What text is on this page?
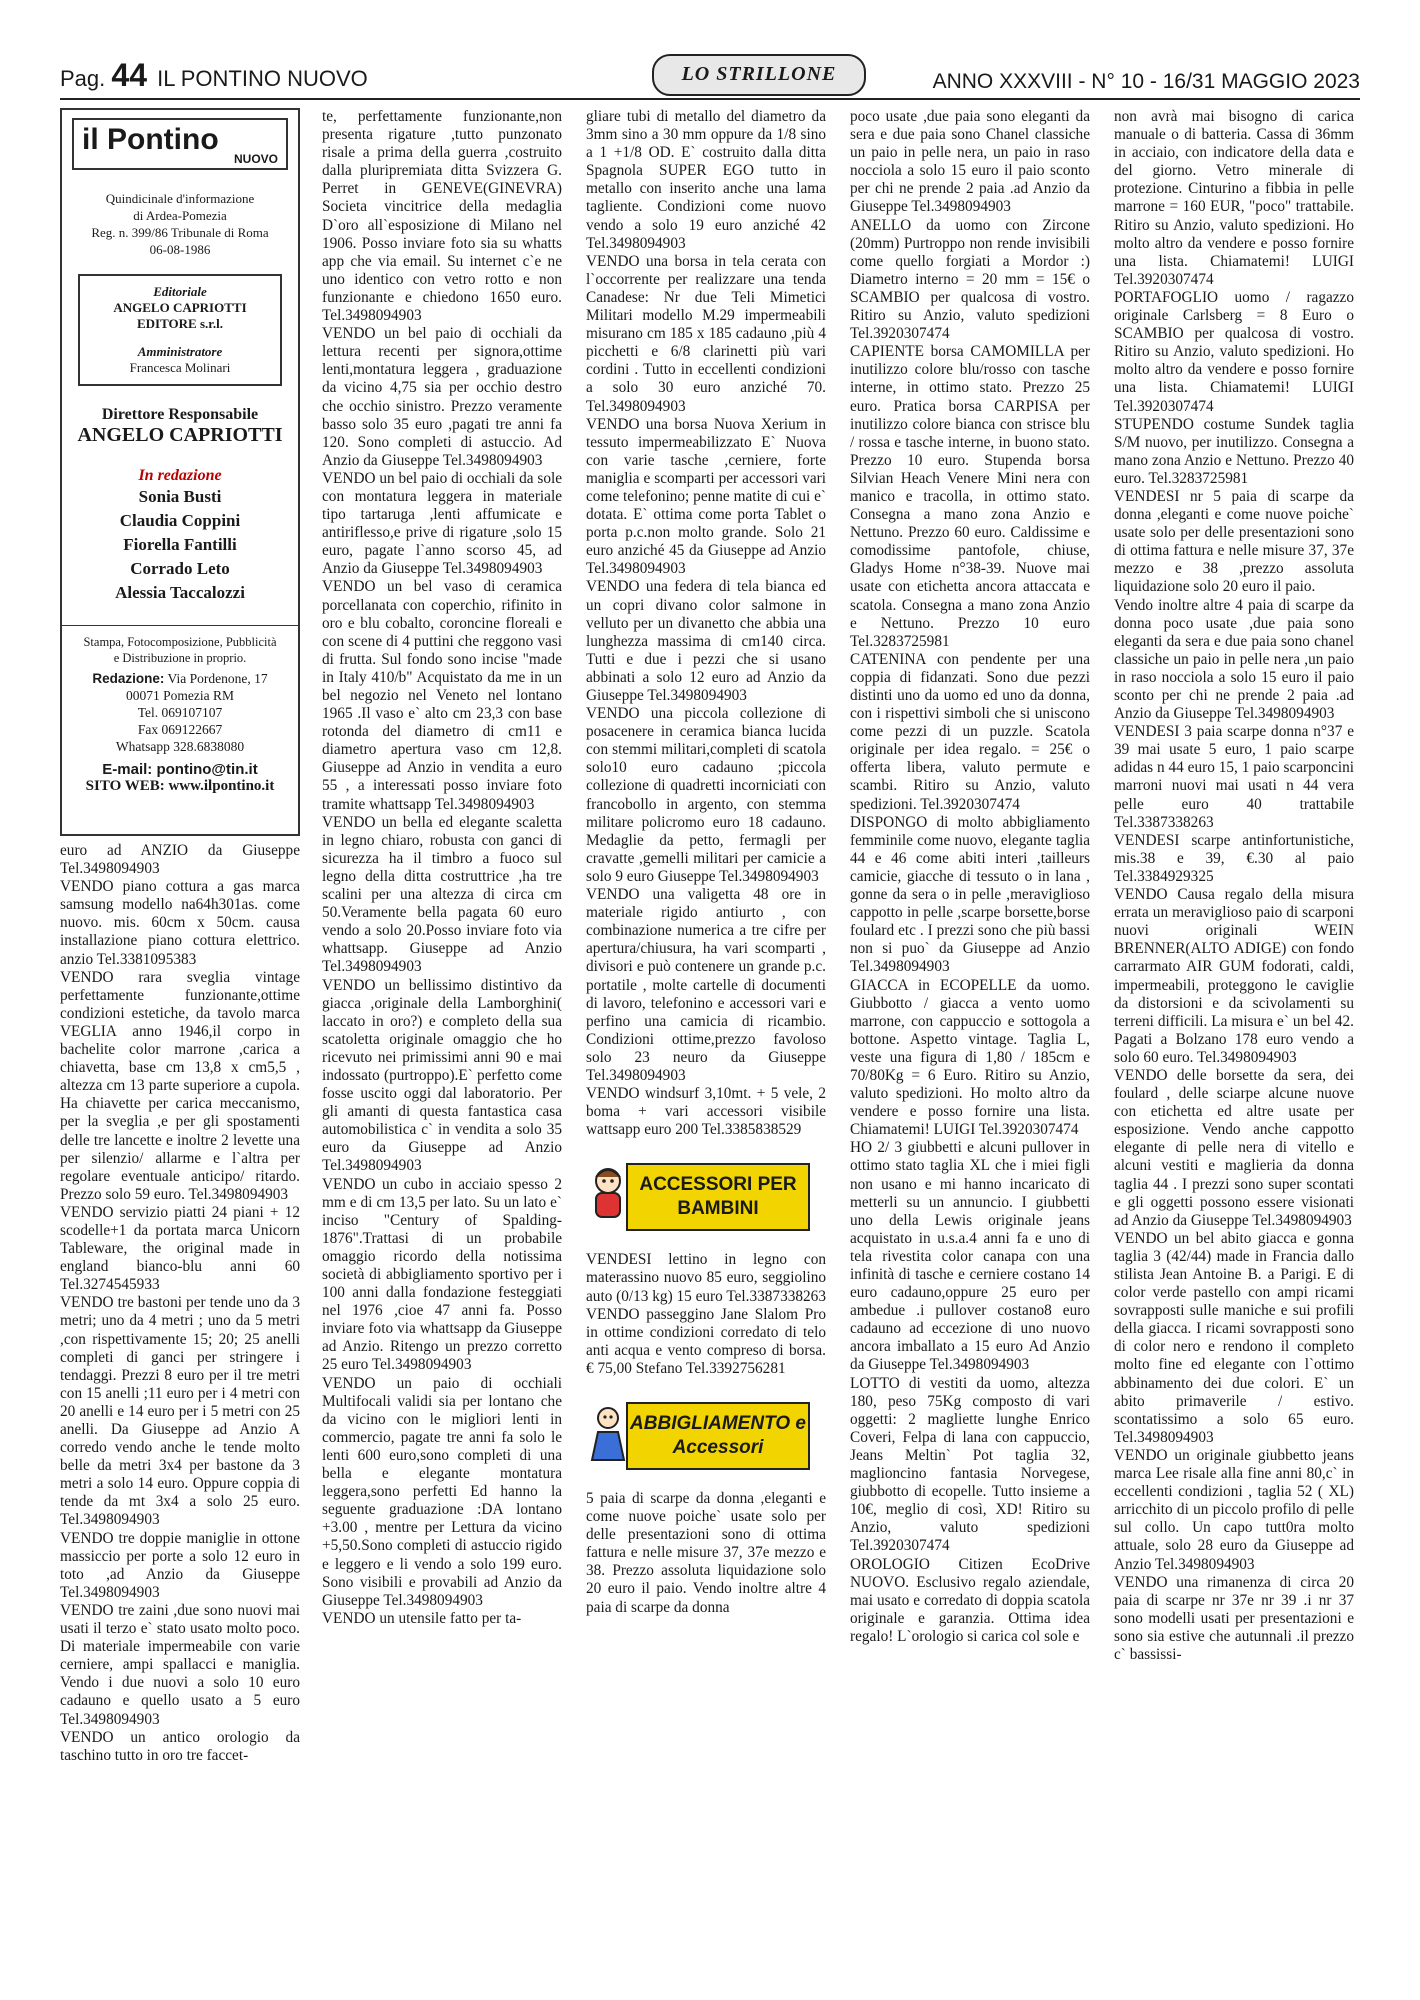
Pag. 44 IL PONTINO NUOVO	LO STRILLONE	ANNO XXXVIII - N° 10 - 16/31 MAGGIO 2023
il Pontino
NUOVO
Quindicinale d'informazione
di Ardea-Pomezia
Reg. n. 399/86 Tribunale di Roma
06-08-1986
Editoriale
ANGELO CAPRIOTTI EDITORE s.r.l.
Amministratore
Francesca Molinari
Direttore Responsabile
ANGELO CAPRIOTTI
In redazione
Sonia Busti
Claudia Coppini
Fiorella Fantilli
Corrado Leto
Alessia Taccalozzi
Stampa, Fotocomposizione, Pubblicità
e Distribuzione in proprio.
Redazione: Via Pordenone, 17
00071 Pomezia RM
Tel. 069107107
Fax 069122667
Whatsapp 328.6838080
E-mail: pontino@tin.it
SITO WEB: www.ilpontino.it

euro ad ANZIO da Giuseppe Tel.3498094903

VENDO piano cottura a gas marca samsung modello na64h301as. come nuovo. mis. 60cm x 50cm. causa installazione piano cottura elettrico. anzio Tel.3381095383

VENDO rara sveglia vintage perfettamente funzionante,ottime condizioni estetiche, da tavolo marca VEGLIA anno 1946,il corpo in bachelite color marrone ,carica a chiavetta, base cm 13,8 x cm5,5 , altezza cm 13 parte superiore a cupola. Ha chiavette per carica meccanismo, per la sveglia ,e per gli spostamenti delle tre lancette e inoltre 2 levette una per silenzio/ allarme e l`altra per regolare eventuale anticipo/ ritardo. Prezzo solo 59 euro. Tel.3498094903

VENDO servizio piatti 24 piani + 12 scodelle+1 da portata marca Unicorn Tableware, the original made in england bianco-blu anni 60 Tel.3274545933

VENDO tre bastoni per tende uno da 3 metri; uno da 4 metri ; uno da 5 metri ,con rispettivamente 15; 20; 25 anelli completi di ganci per stringere i tendaggi. Prezzi 8 euro per il tre metri con 15 anelli ;11 euro per i 4 metri con 20 anelli e 14 euro per i 5 metri con 25 anelli. Da Giuseppe ad Anzio A corredo vendo anche le tende molto belle da metri 3x4 per bastone da 3 metri a solo 14 euro. Oppure coppia di tende da mt 3x4 a solo 25 euro. Tel.3498094903

VENDO tre doppie maniglie in ottone massiccio per porte a solo 12 euro in toto ,ad Anzio da Giuseppe Tel.3498094903

VENDO tre zaini ,due sono nuovi mai usati il terzo e` stato usato molto poco. Di materiale impermeabile con varie cerniere, ampi spallacci e maniglia. Vendo i due nuovi a solo 10 euro cadauno e quello usato a 5 euro Tel.3498094903

VENDO un antico orologio da taschino tutto in oro tre faccet-

te, perfettamente funzionante,non presenta rigature ,tutto punzonato risale a prima della guerra ,costruito dalla pluripremiata ditta Svizzera G. Perret in GENEVE(GINEVRA) Societa vincitrice della medaglia D`oro all`esposizione di Milano nel 1906. Posso inviare foto sia su whatts app che via email. Su internet c`e ne uno identico con vetro rotto e non funzionante e chiedono 1650 euro. Tel.3498094903

VENDO un bel paio di occhiali da lettura recenti per signora,ottime lenti,montatura leggera , graduazione da vicino 4,75 sia per occhio destro che occhio sinistro. Prezzo veramente basso solo 35 euro ,pagati tre anni fa 120. Sono completi di astuccio. Ad Anzio da Giuseppe Tel.3498094903

VENDO un bel paio di occhiali da sole con montatura leggera in materiale tipo tartaruga ,lenti affumicate e antiriflesso,e prive di rigature ,solo 15 euro, pagate l`anno scorso 45, ad Anzio da Giuseppe Tel.3498094903

VENDO un bel vaso di ceramica porcellanata con coperchio, rifinito in oro e blu cobalto, coroncine floreali e con scene di 4 puttini che reggono vasi di frutta. Sul fondo sono incise "made in Italy 410/b" Acquistato da me in un bel negozio nel Veneto nel lontano 1965 .Il vaso e` alto cm 23,3 con base rotonda del diametro di cm11 e diametro apertura vaso cm 12,8. Giuseppe ad Anzio in vendita a euro 55 , a interessati posso inviare foto tramite whattsapp Tel.3498094903

VENDO un bella ed elegante scaletta in legno chiaro, robusta con ganci di sicurezza ha il timbro a fuoco sul legno della ditta costruttrice ,ha tre scalini per una altezza di circa cm 50.Veramente bella pagata 60 euro vendo a solo 20.Posso inviare foto via whattsapp. Giuseppe ad Anzio Tel.3498094903

VENDO un bellissimo distintivo da giacca ,originale della Lamborghini( laccato in oro?) e completo della sua scatoletta originale omaggio che ho ricevuto nei primissimi anni 90 e mai indossato (purtroppo).E` perfetto come fosse uscito oggi dal laboratorio. Per gli amanti di questa fantastica casa automobilistica c` in vendita a solo 35 euro da Giuseppe ad Anzio Tel.3498094903

VENDO un cubo in acciaio spesso 2 mm e di cm 13,5 per lato. Su un lato e` inciso "Century of Spalding-1876".Trattasi di un probabile omaggio ricordo della notissima società di abbigliamento sportivo per i 100 anni dalla fondazione festeggiati nel 1976 ,cioe 47 anni fa. Posso inviare foto via whattsapp da Giuseppe ad Anzio. Ritengo un prezzo corretto 25 euro Tel.3498094903

VENDO un paio di occhiali Multifocali validi sia per lontano che da vicino con le migliori lenti in commercio, pagate tre anni fa solo le lenti 600 euro,sono completi di una bella e elegante montatura leggera,sono perfetti Ed hanno la seguente graduazione :DA lontano +3.00 , mentre per Lettura da vicino +5,50.Sono completi di astuccio rigido e leggero e li vendo a solo 199 euro. Sono visibili e provabili ad Anzio da Giuseppe Tel.3498094903

VENDO un utensile fatto per ta-

gliare tubi di metallo del diametro da 3mm sino a 30 mm oppure da 1/8 sino a 1 +1/8 OD. E` costruito dalla ditta Spagnola SUPER EGO tutto in metallo con inserito anche una lama tagliente. Condizioni come nuovo vendo a solo 19 euro anziché 42 Tel.3498094903

VENDO una borsa in tela cerata con l`occorrente per realizzare una tenda Canadese: Nr due Teli Mimetici Militari modello M.29 impermeabili misurano cm 185 x 185 cadauno ,più 4 picchetti e 6/8 clarinetti più vari cordini . Tutto in eccellenti condizioni a solo 30 euro anziché 70. Tel.3498094903

VENDO una borsa Nuova Xerium in tessuto impermeabilizzato E` Nuova con varie tasche ,cerniere, forte maniglia e scomparti per accessori vari come telefonino; penne matite di cui e` dotata. E` ottima come porta Tablet o porta p.c.non molto grande. Solo 21 euro anziché 45 da Giuseppe ad Anzio Tel.3498094903

VENDO una federa di tela bianca ed un copri divano color salmone in velluto per un divanetto che abbia una lunghezza massima di cm140 circa. Tutti e due i pezzi che si usano abbinati a solo 12 euro ad Anzio da Giuseppe Tel.3498094903

VENDO una piccola collezione di posacenere in ceramica bianca lucida con stemmi militari,completi di scatola solo10 euro cadauno ;piccola collezione di quadretti incorniciati con francobollo in argento, con stemma militare policromo euro 18 cadauno. Medaglie da petto, fermagli per cravatte ,gemelli militari per camicie a solo 9 euro Giuseppe Tel.3498094903

VENDO una valigetta 48 ore in materiale rigido antiurto , con combinazione numerica a tre cifre per apertura/chiusura, ha vari scomparti , divisori e può contenere un grande p.c. portatile , molte cartelle di documenti di lavoro, telefonino e accessori vari e perfino una camicia di ricambio. Condizioni ottime,prezzo favoloso solo 23 neuro da Giuseppe Tel.3498094903

VENDO windsurf 3,10mt. + 5 vele, 2 boma + vari accessori visibile wattsapp euro 200 Tel.3385838529

ACCESSORI PER BAMBINI

VENDESI lettino in legno con materassino nuovo 85 euro, seggiolino auto (0/13 kg) 15 euro Tel.3387338263

VENDO passeggino Jane Slalom Pro in ottime condizioni corredato di telo anti acqua e vento compreso di borsa. € 75,00 Stefano Tel.3392756281

ABBIGLIAMENTO e Accessori

5 paia di scarpe da donna ,eleganti e come nuove poiche` usate solo per delle presentazioni sono di ottima fattura e nelle misure 37, 37e mezzo e 38. Prezzo assoluta liquidazione solo 20 euro il paio. Vendo inoltre altre 4 paia di scarpe da donna

poco usate ,due paia sono eleganti da sera e due paia sono Chanel classiche un paio in pelle nera, un paio in raso nocciola a solo 15 euro il paio sconto per chi ne prende 2 paia .ad Anzio da Giuseppe Tel.3498094903

ANELLO da uomo con Zircone (20mm) Purtroppo non rende invisibili come quello forgiati a Mordor :) Diametro interno = 20 mm = 15€ o SCAMBIO per qualcosa di vostro. Ritiro su Anzio, valuto spedizioni Tel.3920307474

CAPIENTE borsa CAMOMILLA per inutilizzo colore blu/rosso con tasche interne, in ottimo stato. Prezzo 25 euro. Pratica borsa CARPISA per inutilizzo colore bianca con strisce blu / rossa e tasche interne, in buono stato. Prezzo 10 euro. Stupenda borsa Silvian Heach Venere Mini nera con manico e tracolla, in ottimo stato. Consegna a mano zona Anzio e Nettuno. Prezzo 60 euro. Caldissime e comodissime pantofole, chiuse, Gladys Home n°38-39. Nuove mai usate con etichetta ancora attaccata e scatola. Consegna a mano zona Anzio e Nettuno. Prezzo 10 euro Tel.3283725981

CATENINA con pendente per una coppia di fidanzati. Sono due pezzi distinti uno da uomo ed uno da donna, con i rispettivi simboli che si uniscono come pezzi di un puzzle. Scatola originale per idea regalo. = 25€ o offerta libera, valuto permute e scambi. Ritiro su Anzio, valuto spedizioni. Tel.3920307474

DISPONGO di molto abbigliamento femminile come nuovo, elegante taglia 44 e 46 come abiti interi ,tailleurs camicie, giacche di tessuto o in lana , gonne da sera o in pelle ,meraviglioso cappotto in pelle ,scarpe borsette,borse foulard etc . I prezzi sono che più bassi non si puo` da Giuseppe ad Anzio Tel.3498094903

GIACCA in ECOPELLE da uomo. Giubbotto / giacca a vento uomo marrone, con cappuccio e sottogola a bottone. Aspetto vintage. Taglia L, veste una figura di 1,80 / 185cm e 70/80Kg = 6 Euro. Ritiro su Anzio, valuto spedizioni. Ho molto altro da vendere e posso fornire una lista. Chiamatemi! LUIGI Tel.3920307474

HO 2/ 3 giubbetti e alcuni pullover in ottimo stato taglia XL che i miei figli non usano e mi hanno incaricato di metterli su un annuncio. I giubbetti uno della Lewis originale jeans acquistato in u.s.a.4 anni fa e uno di tela rivestita color canapa con una infinità di tasche e cerniere costano 14 euro cadauno,oppure 25 euro per ambedue .i pullover costano8 euro cadauno ad eccezione di uno nuovo ancora imballato a 15 euro Ad Anzio da Giuseppe Tel.3498094903

LOTTO di vestiti da uomo, altezza 180, peso 75Kg composto di vari oggetti: 2 magliette lunghe Enrico Coveri, Felpa di lana con cappuccio, Jeans Meltin` Pot taglia 32, maglioncino fantasia Norvegese, giubbotto di ecopelle. Tutto insieme a 10€, meglio di così, XD! Ritiro su Anzio, valuto spedizioni Tel.3920307474

OROLOGIO Citizen EcoDrive NUOVO. Esclusivo regalo aziendale, mai usato e corredato di doppia scatola originale e garanzia. Ottima idea regalo! L`orologio si carica col sole e

non avrà mai bisogno di carica manuale o di batteria. Cassa di 36mm in acciaio, con indicatore della data e del giorno. Vetro minerale di protezione. Cinturino a fibbia in pelle marrone = 160 EUR, "poco" trattabile. Ritiro su Anzio, valuto spedizioni. Ho molto altro da vendere e posso fornire una lista. Chiamatemi! LUIGI Tel.3920307474

PORTAFOGLIO uomo / ragazzo originale Carlsberg = 8 Euro o SCAMBIO per qualcosa di vostro. Ritiro su Anzio, valuto spedizioni. Ho molto altro da vendere e posso fornire una lista. Chiamatemi! LUIGI Tel.3920307474

STUPENDO costume Sundek taglia S/M nuovo, per inutilizzo. Consegna a mano zona Anzio e Nettuno. Prezzo 40 euro. Tel.3283725981

VENDESI nr 5 paia di scarpe da donna ,eleganti e come nuove poiche` usate solo per delle presentazioni sono di ottima fattura e nelle misure 37, 37e mezzo e 38 ,prezzo assoluta liquidazione solo 20 euro il paio.

Vendo inoltre altre 4 paia di scarpe da donna poco usate ,due paia sono eleganti da sera e due paia sono chanel classiche un paio in pelle nera ,un paio in raso nocciola a solo 15 euro il paio sconto per chi ne prende 2 paia .ad Anzio da Giuseppe Tel.3498094903

VENDESI 3 paia scarpe donna n°37 e 39 mai usate 5 euro, 1 paio scarpe adidas n 44 euro 15, 1 paio scarponcini marroni nuovi mai usati n 44 vera pelle euro 40 trattabile Tel.3387338263

VENDESI scarpe antinfortunistiche, mis.38 e 39, €.30 al paio Tel.3384929325

VENDO Causa regalo della misura errata un meraviglioso paio di scarponi nuovi originali WEIN BRENNER(ALTO ADIGE) con fondo carrarmato AIR GUM fodorati, caldi, impermeabili, proteggono le caviglie da distorsioni e da scivolamenti su terreni difficili. La misura e` un bel 42. Pagati a Bolzano 178 euro vendo a solo 60 euro. Tel.3498094903

VENDO delle borsette da sera, dei foulard , delle sciarpe alcune nuove con etichetta ed altre usate per esposizione. Vendo anche cappotto elegante di pelle nera di vitello e alcuni vestiti e maglieria da donna taglia 44 . I prezzi sono super scontati e gli oggetti possono essere visionati ad Anzio da Giuseppe Tel.3498094903

VENDO un bel abito giacca e gonna taglia 3 (42/44) made in Francia dallo stilista Jean Antoine B. a Parigi. E di color verde pastello con ampi ricami sovrapposti sulle maniche e sui profili della giacca. I ricami sovrapposti sono di color nero e rendono il completo molto fine ed elegante con l`ottimo abbinamento dei due colori. E` un abito primaverile / estivo. scontatissimo a solo 65 euro. Tel.3498094903

VENDO un originale giubbetto jeans marca Lee risale alla fine anni 80,c` in eccellenti condizioni , taglia 52 ( XL) arricchito di un piccolo profilo di pelle sul collo. Un capo tutt0ra molto attuale, solo 28 euro da Giuseppe ad Anzio Tel.3498094903

VENDO una rimanenza di circa 20 paia di scarpe nr 37e nr 39 .i nr 37 sono modelli usati per presentazioni e sono sia estive che autunnali .il prezzo c` bassissi-
